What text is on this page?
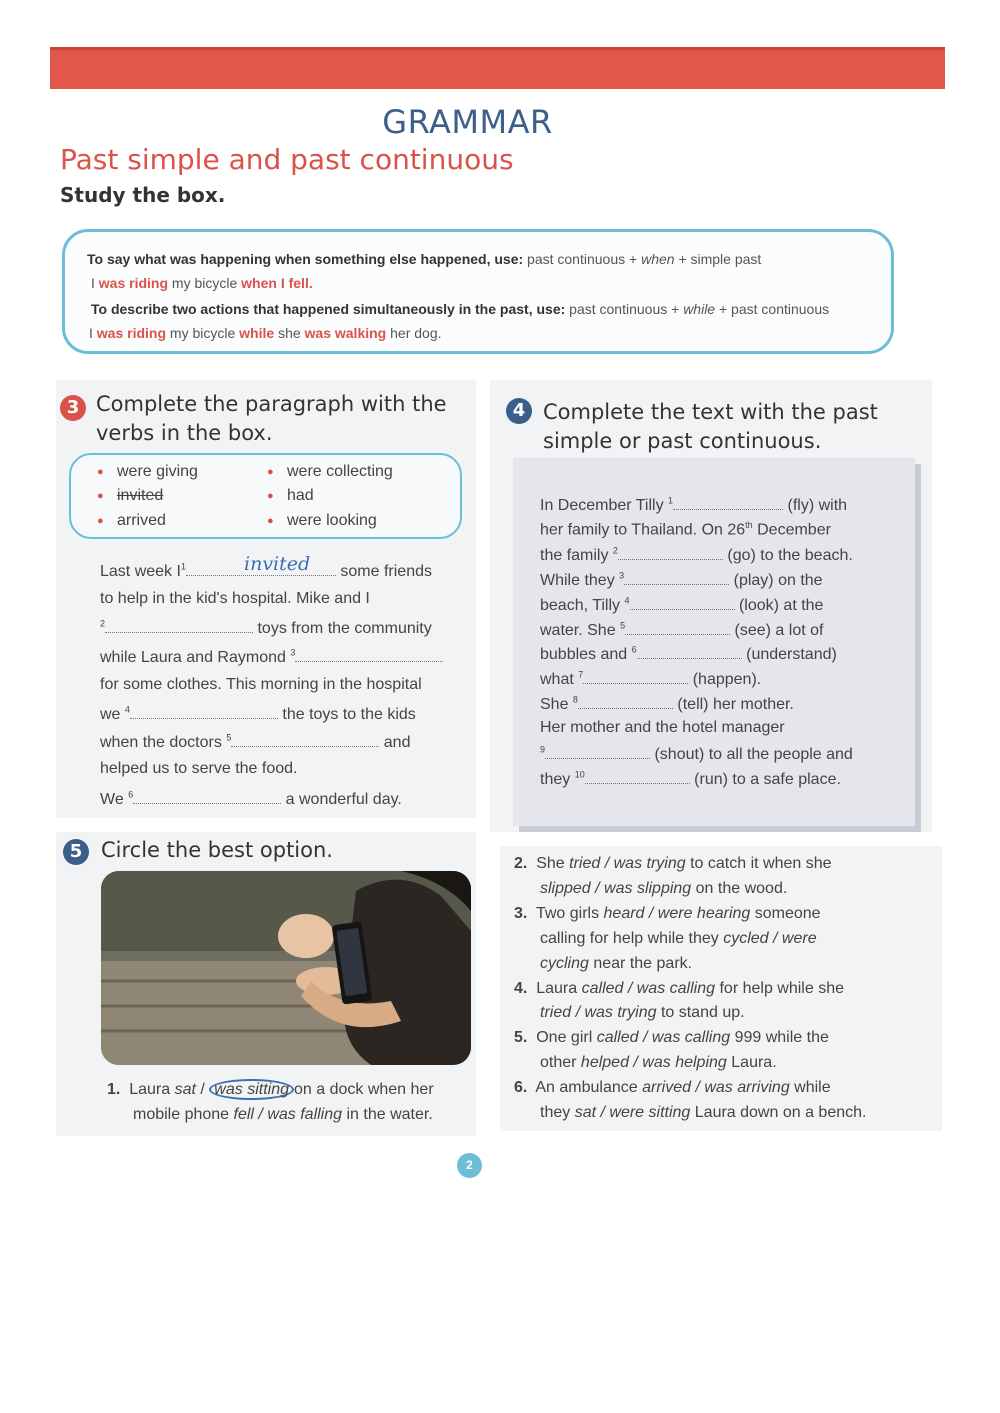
GRAMMAR
Past simple and past continuous
Study the box.
To say what was happening when something else happened, use: past continuous + when + simple past
I was riding my bicycle when I fell.
To describe two actions that happened simultaneously in the past, use: past continuous + while + past continuous
I was riding my bicycle while she was walking her dog.
3 Complete the paragraph with the
verbs in the box.
● were giving
● invited
● arrived
● were collecting
● had
● were looking
Last week $I^1$	some friends
invited
to help in the kid's hospital. Mike and I
$^2$	toys from the community
while Laura and Raymond $^3$
for some clothes. This morning in the hospital
we $^4$	the toys to the kids
when the doctors $^5$	and
helped us to serve the food.
We $^6$	a wonderful day.
4 Complete the text with the past
simple or past continuous.
In December Tilly $^1$	(fly) with
her family to Thailand. On 26th December
the family $^2$	(go) to the beach.
While they $^3$	(play) on the
beach, Tilly $^4$	(look) at the
water. She $^5$	(see) a lot of
bubbles and $^6$	(understand)
what $^7$	(happen).
She $^8$	(tell) her mother.
Her mother and the hotel manager
$^9$	(shout) to all the people and
they $^{10}$	(run) to a safe place.
5 Circle the best option.
1. Laura sat / was sitting on a dock when her
mobile phone fell / was falling in the water.
2. She tried / was trying to catch it when she
slipped / was slipping on the wood.
3. Two girls heard / were hearing someone
calling for help while they cycled / were
cycling near the park.
4. Laura called / was calling for help while she
tried / was trying to stand up.
5. One girl called / was calling 999 while the
other helped / was helping Laura.
6. An ambulance arrived / was arriving while
they sat / were sitting Laura down on a bench.
2
